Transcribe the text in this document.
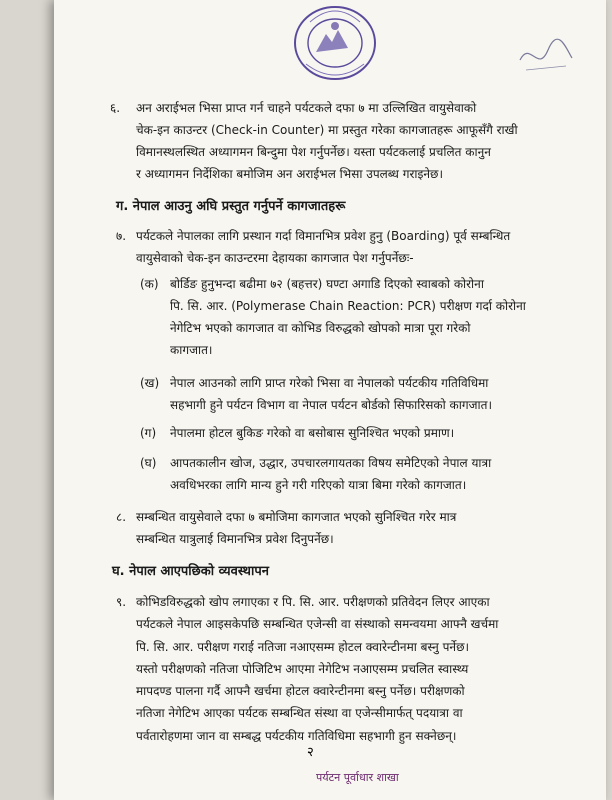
६. अन अराईभल भिसा प्राप्त गर्न चाहने पर्यटकले दफा ७ मा उल्लिखित वायुसेवाको
चेक-इन काउन्टर (Check-in Counter) मा प्रस्तुत गरेका कागजातहरू आफूसँगै राखी
विमानस्थलस्थित अध्यागमन बिन्दुमा पेश गर्नुपर्नेछ। यस्ता पर्यटकलाई प्रचलित कानुन
र अध्यागमन निर्देशिका बमोजिम अन अराईभल भिसा उपलब्ध गराइनेछ।
ग. नेपाल आउनु अघि प्रस्तुत गर्नुपर्ने कागजातहरू
७. पर्यटकले नेपालका लागि प्रस्थान गर्दा विमानभित्र प्रवेश हुनु (Boarding) पूर्व सम्बन्धित
वायुसेवाको चेक-इन काउन्टरमा देहायका कागजात पेश गर्नुपर्नेछः-
(क) बोर्डिङ हुनुभन्दा बढीमा ७२ (बहत्तर) घण्टा अगाडि दिएको स्वाबको कोरोना
पि. सि. आर. (Polymerase Chain Reaction: PCR) परीक्षण गर्दा कोरोना
नेगेटिभ भएको कागजात वा कोभिड विरुद्धको खोपको मात्रा पूरा गरेको
कागजात।
(ख) नेपाल आउनको लागि प्राप्त गरेको भिसा वा नेपालको पर्यटकीय गतिविधिमा
सहभागी हुने पर्यटन विभाग वा नेपाल पर्यटन बोर्डको सिफारिसको कागजात।
(ग) नेपालमा होटल बुकिङ गरेको वा बसोबास सुनिश्चित भएको प्रमाण।
(घ) आपतकालीन खोज, उद्धार, उपचारलगायतका विषय समेटिएको नेपाल यात्रा
अवधिभरका लागि मान्य हुने गरी गरिएको यात्रा बिमा गरेको कागजात।
८. सम्बन्धित वायुसेवाले दफा ७ बमोजिमा कागजात भएको सुनिश्चित गरेर मात्र
सम्बन्धित यात्रुलाई विमानभित्र प्रवेश दिनुपर्नेछ।
घ. नेपाल आएपछिको व्यवस्थापन
९. कोभिडविरुद्धको खोप लगाएका र पि. सि. आर. परीक्षणको प्रतिवेदन लिएर आएका
पर्यटकले नेपाल आइसकेपछि सम्बन्धित एजेन्सी वा संस्थाको समन्वयमा आफ्नै खर्चमा
पि. सि. आर. परीक्षण गराई नतिजा नआएसम्म होटल क्वारेन्टीनमा बस्नु पर्नेछ।
यस्तो परीक्षणको नतिजा पोजिटिभ आएमा नेगेटिभ नआएसम्म प्रचलित स्वास्थ्य
मापदण्ड पालना गर्दै आफ्नै खर्चमा होटल क्वारेन्टीनमा बस्नु पर्नेछ। परीक्षणको
नतिजा नेगेटिभ आएका पर्यटक सम्बन्धित संस्था वा एजेन्सीमार्फत् पदयात्रा वा
पर्वतारोहणमा जान वा सम्बद्ध पर्यटकीय गतिविधिमा सहभागी हुन सक्नेछन्।
२
पर्यटन पूर्वाधार शाखा
